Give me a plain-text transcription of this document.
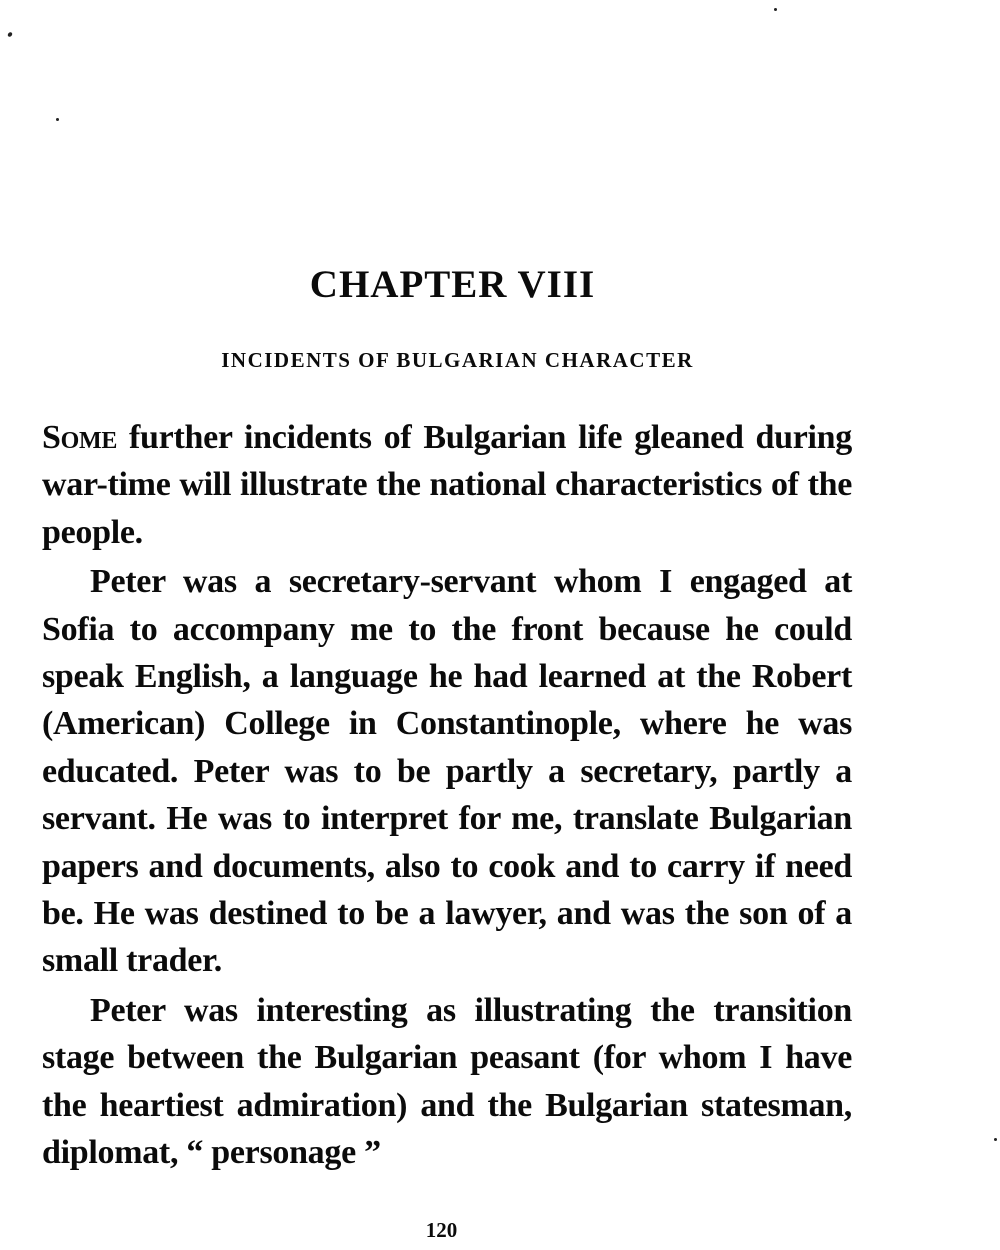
CHAPTER VIII
INCIDENTS OF BULGARIAN CHARACTER

Some further incidents of Bulgarian life gleaned during war-time will illustrate the national characteristics of the people.

Peter was a secretary-servant whom I engaged at Sofia to accompany me to the front because he could speak English, a language he had learned at the Robert (American) College in Constantinople, where he was educated. Peter was to be partly a secretary, partly a servant. He was to interpret for me, translate Bulgarian papers and documents, also to cook and to carry if need be. He was destined to be a lawyer, and was the son of a small trader.

Peter was interesting as illustrating the transition stage between the Bulgarian peasant (for whom I have the heartiest admiration) and the Bulgarian statesman, diplomat, “ personage ”

120
